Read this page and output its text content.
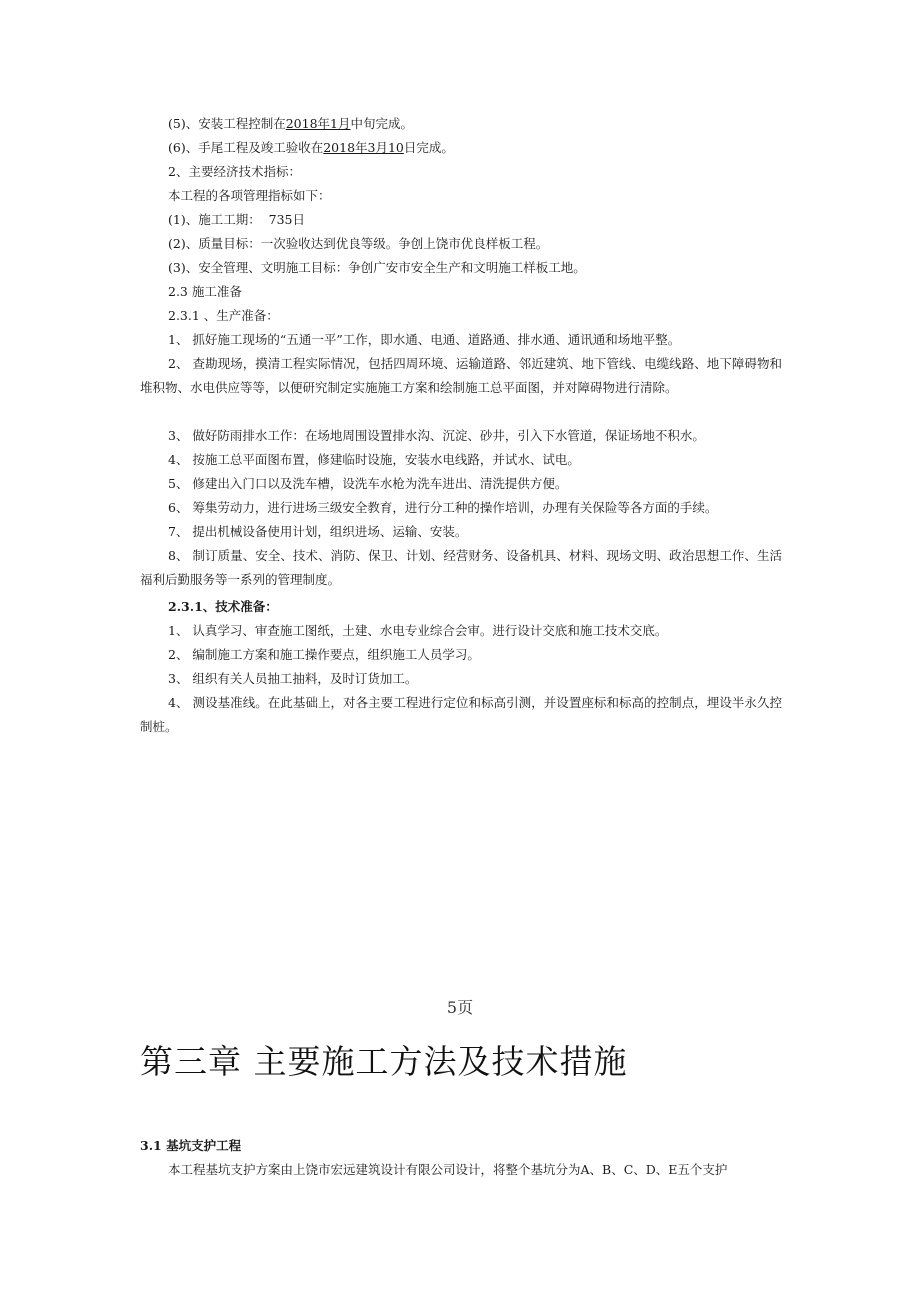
(5)、安装工程控制在2018年1月中旬完成。
(6)、手尾工程及竣工验收在2018年3月10日完成。
2、主要经济技术指标：
本工程的各项管理指标如下：
(1)、施工工期：  735日
(2)、质量目标：一次验收达到优良等级。争创上饶市优良样板工程。
(3)、安全管理、文明施工目标：争创广安市安全生产和文明施工样板工地。
2.3 施工准备
2.3.1 、生产准备：
1、 抓好施工现场的“五通一平”工作，即水通、电通、道路通、排水通、通讯通和场地平整。
2、 查勘现场，摸清工程实际情况，包括四周环境、运输道路、邻近建筑、地下管线、电缆线路、地下障碍物和堆积物、水电供应等等，以便研究制定实施施工方案和绘制施工总平面图，并对障碍物进行清除。
3、 做好防雨排水工作：在场地周围设置排水沟、沉淀、砂井，引入下水管道，保证场地不积水。
4、 按施工总平面图布置，修建临时设施，安装水电线路，并试水、试电。
5、 修建出入门口以及洗车槽，设洗车水枪为洗车进出、清洗提供方便。
6、 筹集劳动力，进行进场三级安全教育，进行分工种的操作培训，办理有关保险等各方面的手续。
7、 提出机械设备使用计划，组织进场、运输、安装。
8、 制订质量、安全、技术、消防、保卫、计划、经营财务、设备机具、材料、现场文明、政治思想工作、生活福利后勤服务等一系列的管理制度。
2.3.1、技术准备：
1、 认真学习、审查施工图纸，土建、水电专业综合会审。进行设计交底和施工技术交底。
2、 编制施工方案和施工操作要点，组织施工人员学习。
3、 组织有关人员抽工抽料，及时订货加工。
4、 测设基准线。在此基础上，对各主要工程进行定位和标高引测，并设置座标和标高的控制点，埋设半永久控制桩。
5页
第三章 主要施工方法及技术措施
3.1 基坑支护工程
本工程基坑支护方案由上饶市宏远建筑设计有限公司设计，将整个基坑分为A、B、C、D、E五个支护
